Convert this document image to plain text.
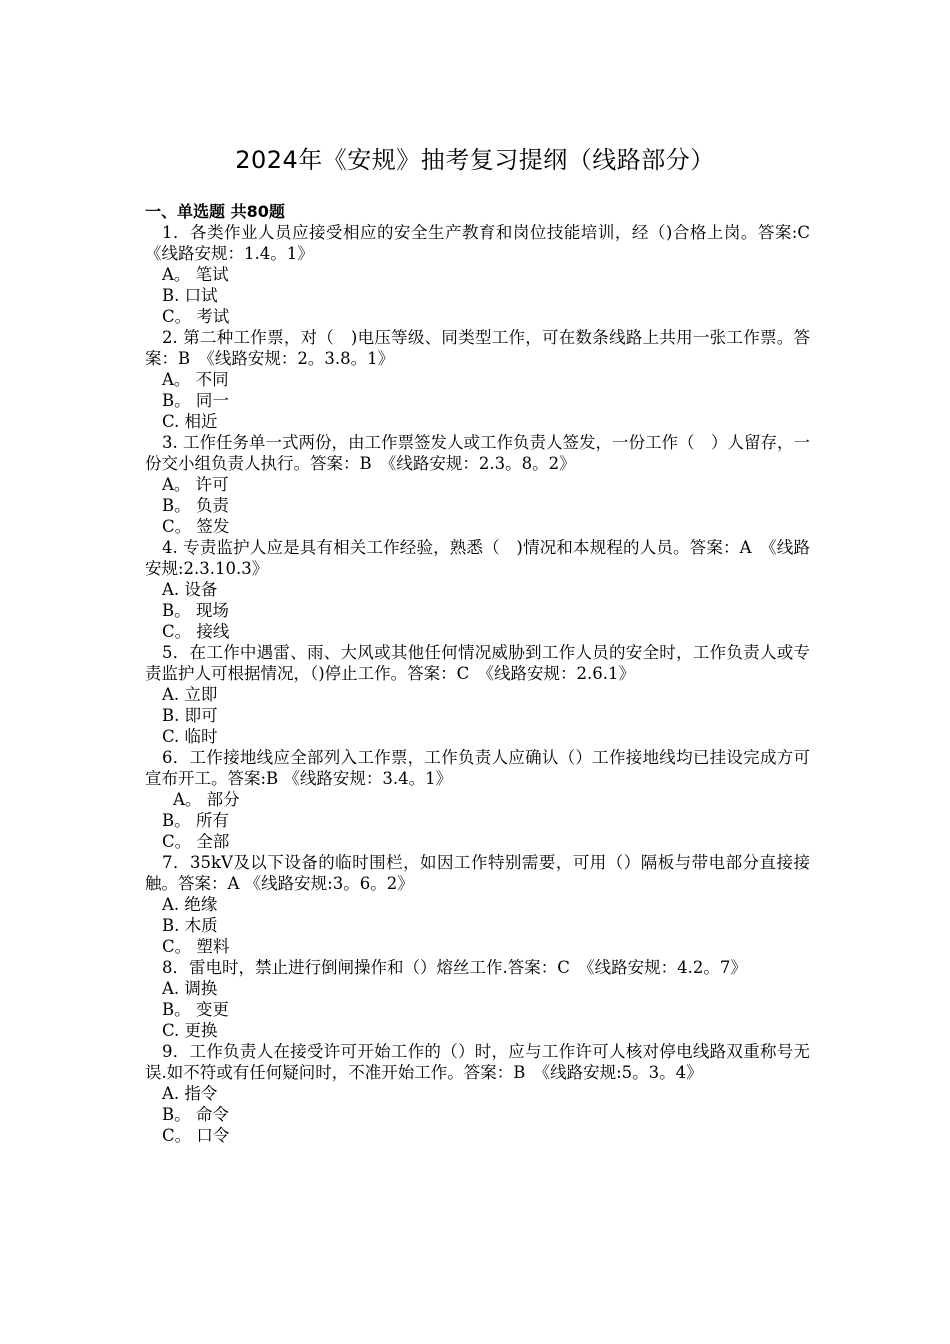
2024年《安规》抽考复习提纲（线路部分）
一、单选题 共80题
1．各类作业人员应接受相应的安全生产教育和岗位技能培训，经（)合格上岗。答案:C　《线路安规：1.4。1》
A。 笔试
B. 口试
C。 考试
2. 第二种工作票，对（　)电压等级、同类型工作，可在数条线路上共用一张工作票。答案：B　《线路安规：2。3.8。1》
A。 不同
B。 同一
C. 相近
3. 工作任务单一式两份，由工作票签发人或工作负责人签发，一份工作（　）人留存，一份交小组负责人执行。答案：B　《线路安规：2.3。8。2》
A。 许可
B。 负责
C。 签发
4. 专责监护人应是具有相关工作经验，熟悉（　)情况和本规程的人员。答案：A　《线路安规:2.3.10.3》
A. 设备
B。 现场
C。 接线
5．在工作中遇雷、雨、大风或其他任何情况威胁到工作人员的安全时，工作负责人或专责监护人可根据情况，（)停止工作。答案：C　《线路安规：2.6.1》
A. 立即
B. 即可
C. 临时
6．工作接地线应全部列入工作票，工作负责人应确认（）工作接地线均已挂设完成方可宣布开工。答案:B 《线路安规：3.4。1》
A。 部分
B。 所有
C。 全部
7．35kV及以下设备的临时围栏，如因工作特别需要，可用（）隔板与带电部分直接接触。答案：A 《线路安规:3。6。2》
A. 绝缘
B. 木质
C。 塑料
8．雷电时，禁止进行倒闸操作和（）熔丝工作.答案：C　《线路安规：4.2。7》
A. 调换
B。 变更
C. 更换
9．工作负责人在接受许可开始工作的（）时，应与工作许可人核对停电线路双重称号无误.如不符或有任何疑问时，不准开始工作。答案：B　《线路安规:5。3。4》
A. 指令
B。 命令
C。 口令
